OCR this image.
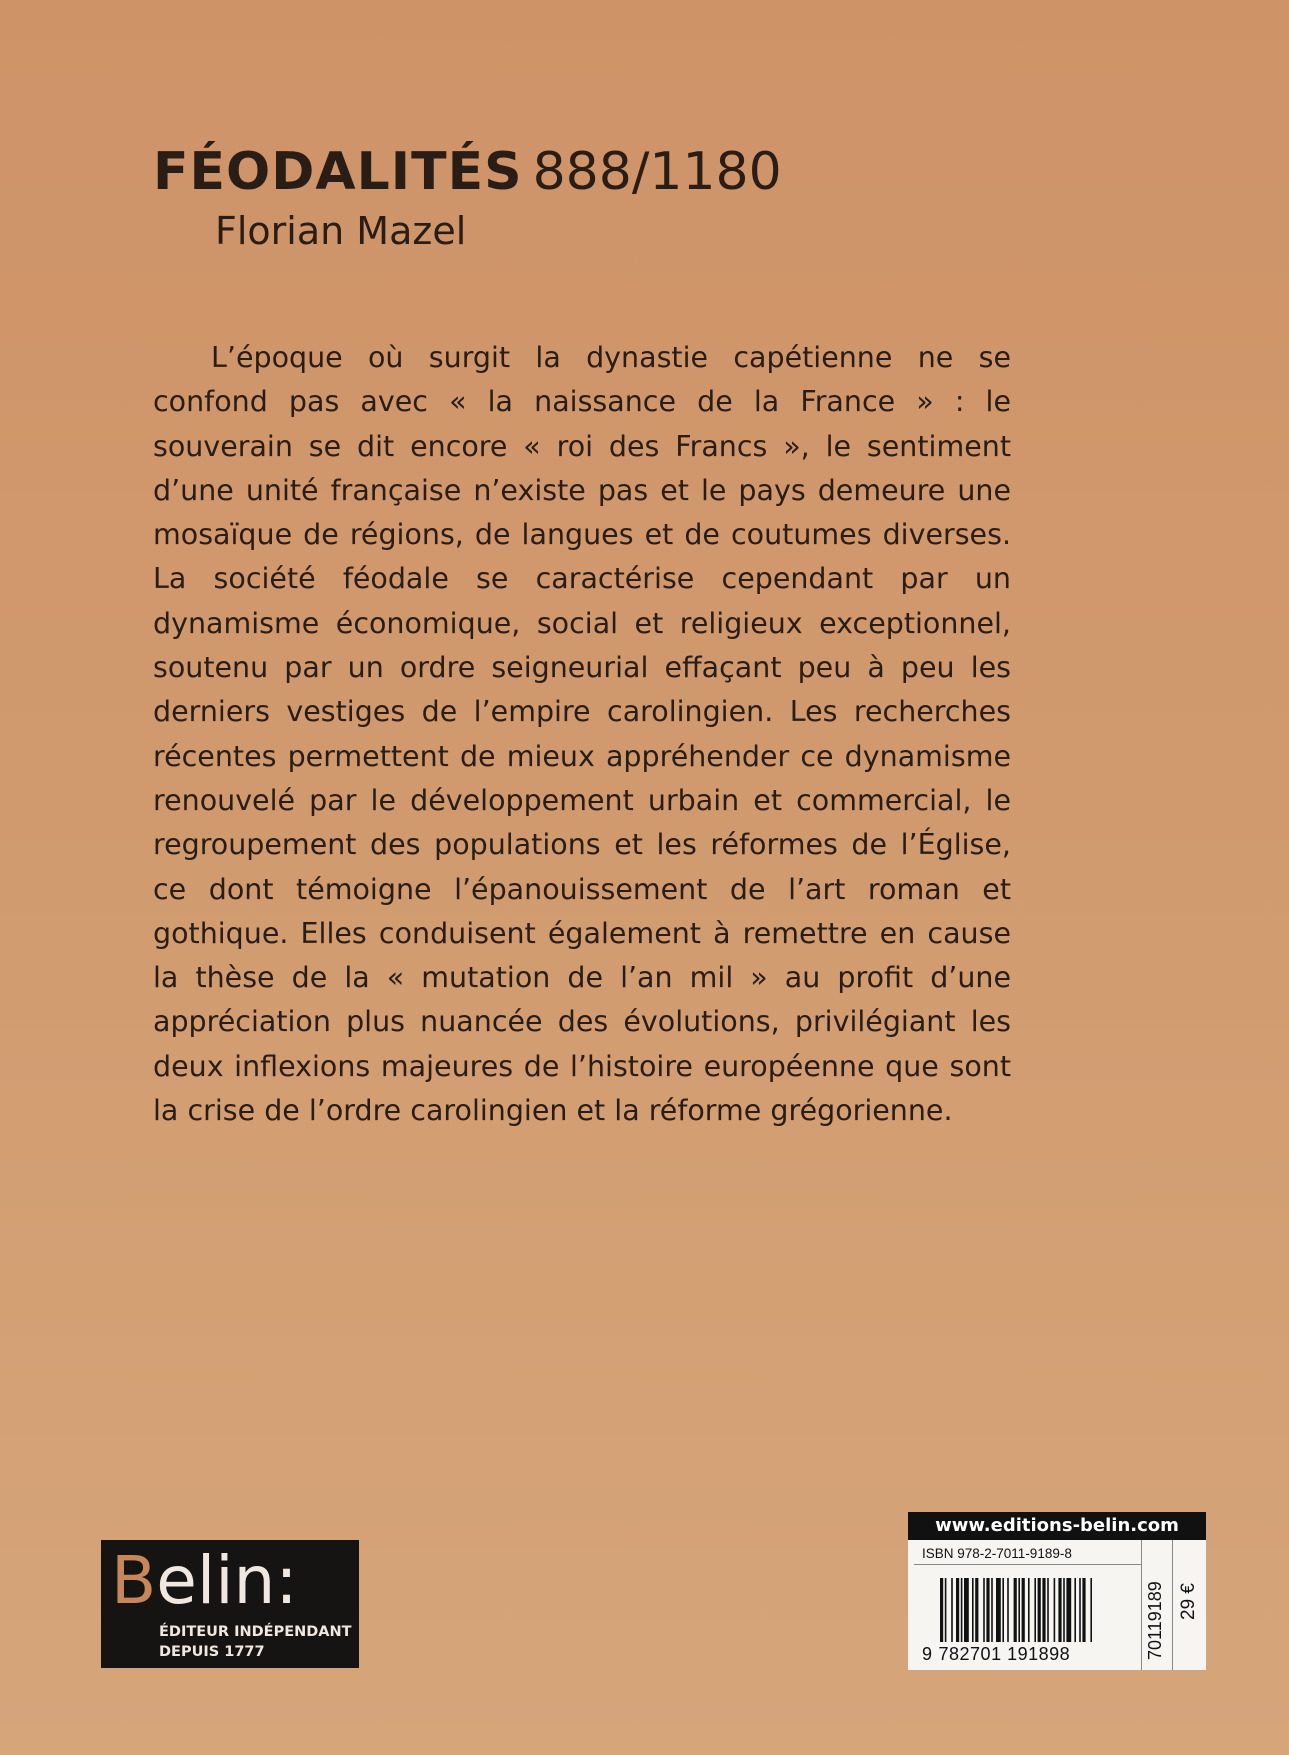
FÉODALITÉS 888/1180
Florian Mazel

L’époque où surgit la dynastie capétienne ne se confond pas avec « la naissance de la France » : le souverain se dit encore « roi des Francs », le sentiment d’une unité française n’existe pas et le pays demeure une mosaïque de régions, de langues et de coutumes diverses. La société féodale se caractérise cependant par un dynamisme économique, social et religieux exceptionnel, soutenu par un ordre seigneurial effaçant peu à peu les derniers vestiges de l’empire carolingien. Les recherches récentes permettent de mieux appréhender ce dynamisme renouvelé par le développement urbain et commercial, le regroupement des populations et les réformes de l’Église, ce dont témoigne l’épanouissement de l’art roman et gothique. Elles conduisent également à remettre en cause la thèse de la « mutation de l’an mil » au profit d’une appréciation plus nuancée des évolutions, privilégiant les deux inflexions majeures de l’histoire européenne que sont la crise de l’ordre carolingien et la réforme grégorienne.

Belin:
ÉDITEUR INDÉPENDANT
DEPUIS 1777
www.editions-belin.com
ISBN 978-2-7011-9189-8
9 782701 191898	70119189 29 €
